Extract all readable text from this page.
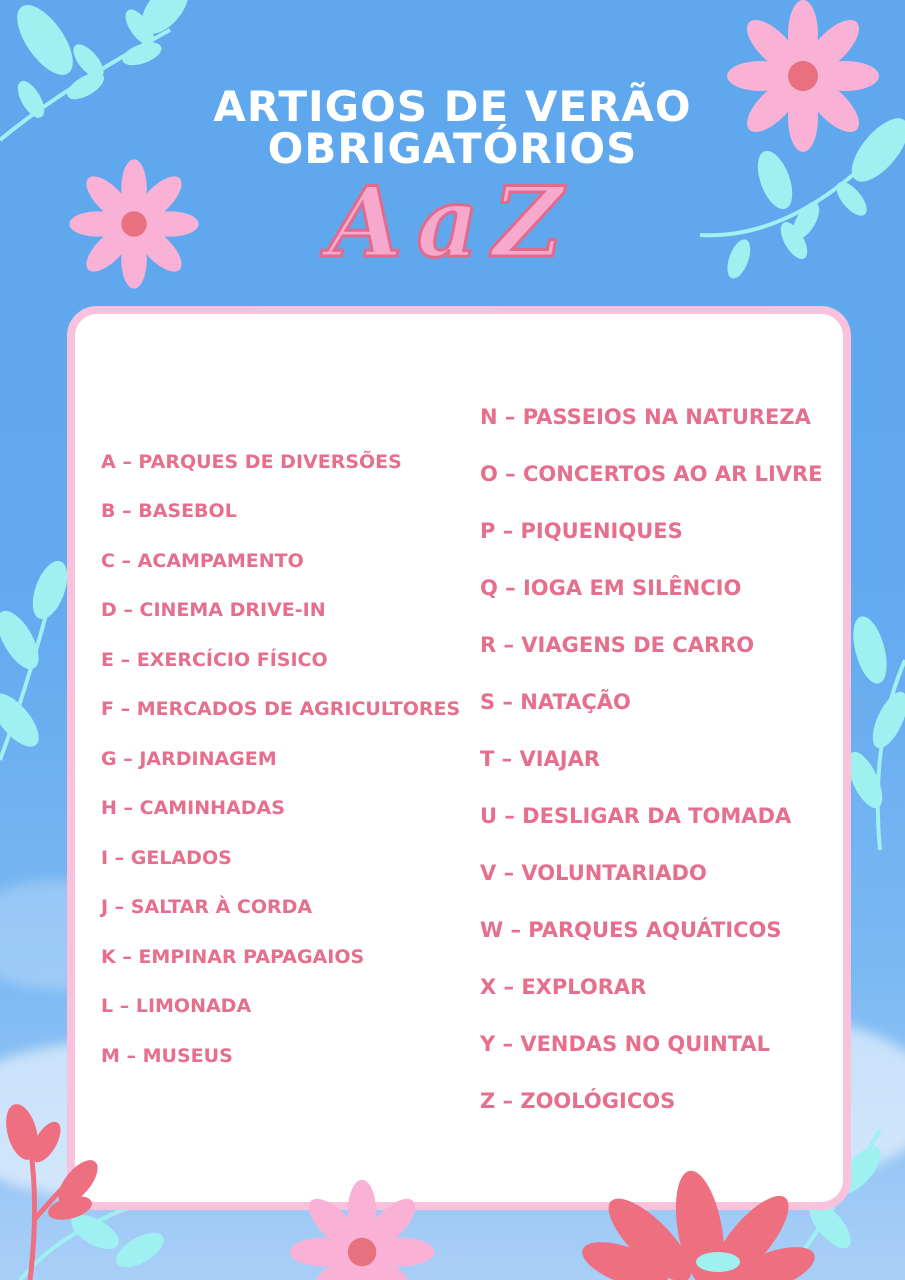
ARTIGOS DE VERÃO
OBRIGATÓRIOS
AaZ
A – PARQUES DE DIVERSÕES
B – BASEBOL
C – ACAMPAMENTO
D – CINEMA DRIVE-IN
E – EXERCÍCIO FÍSICO
F – MERCADOS DE AGRICULTORES
G – JARDINAGEM
H – CAMINHADAS
I – GELADOS
J – SALTAR À CORDA
K – EMPINAR PAPAGAIOS
L – LIMONADA
M – MUSEUS
N – PASSEIOS NA NATUREZA
O – CONCERTOS AO AR LIVRE
P – PIQUENIQUES
Q – IOGA EM SILÊNCIO
R – VIAGENS DE CARRO
S – NATAÇÃO
T – VIAJAR
U – DESLIGAR DA TOMADA
V – VOLUNTARIADO
W – PARQUES AQUÁTICOS
X – EXPLORAR
Y – VENDAS NO QUINTAL
Z – ZOOLÓGICOS
